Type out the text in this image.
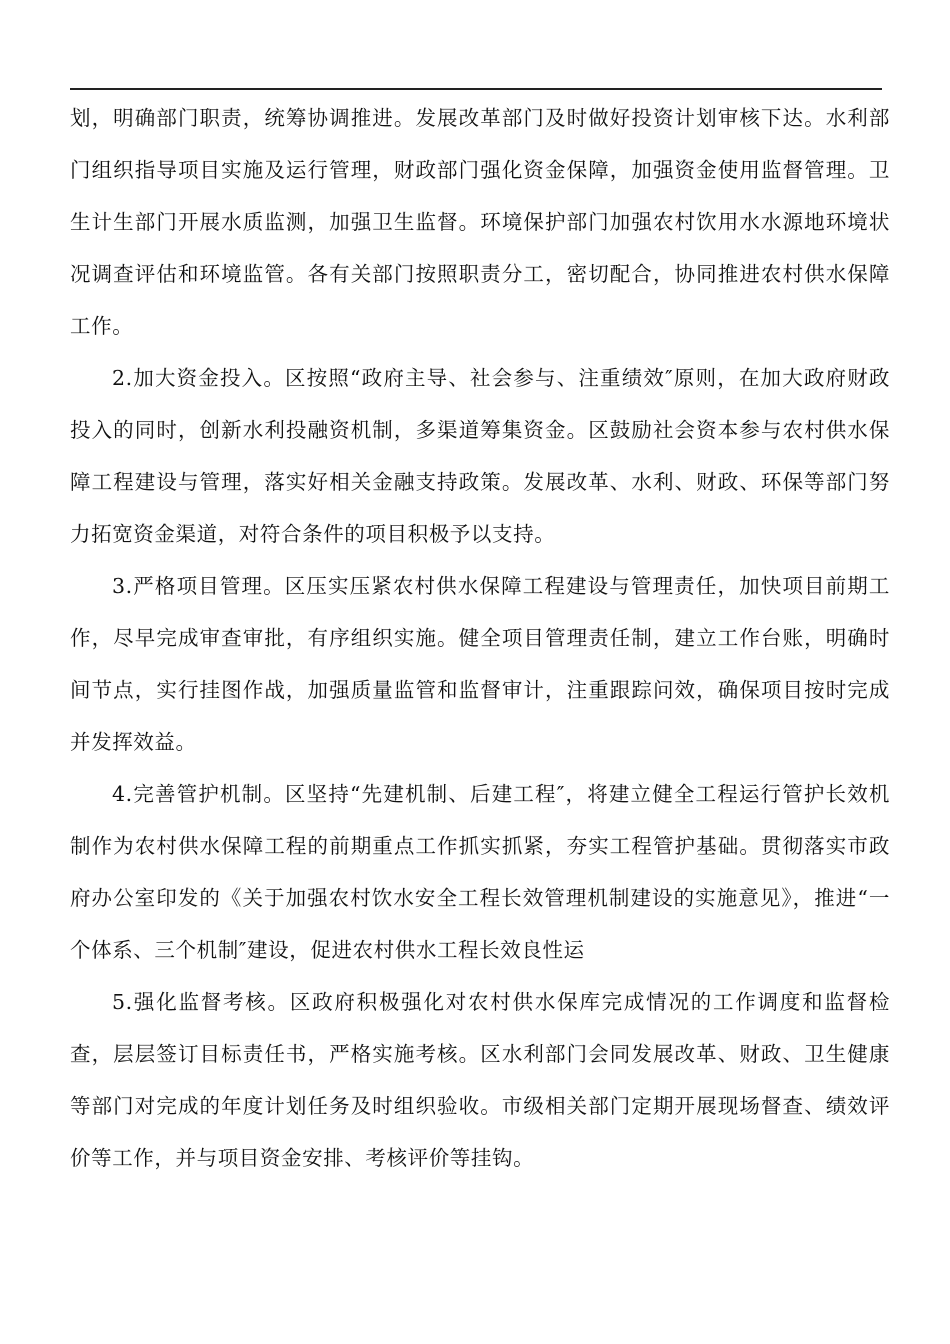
划，明确部门职责，统筹协调推进。发展改革部门及时做好投资计划审核下达。水利部门组织指导项目实施及运行管理，财政部门强化资金保障，加强资金使用监督管理。卫生计生部门开展水质监测，加强卫生监督。环境保护部门加强农村饮用水水源地环境状况调查评估和环境监管。各有关部门按照职责分工，密切配合，协同推进农村供水保障工作。

2.加大资金投入。区按照“政府主导、社会参与、注重绩效″原则，在加大政府财政投入的同时，创新水利投融资机制，多渠道筹集资金。区鼓励社会资本参与农村供水保障工程建设与管理，落实好相关金融支持政策。发展改革、水利、财政、环保等部门努力拓宽资金渠道，对符合条件的项目积极予以支持。

3.严格项目管理。区压实压紧农村供水保障工程建设与管理责任，加快项目前期工作，尽早完成审查审批，有序组织实施。健全项目管理责任制，建立工作台账，明确时间节点，实行挂图作战，加强质量监管和监督审计，注重跟踪问效，确保项目按时完成并发挥效益。

4.完善管护机制。区坚持“先建机制、后建工程″，将建立健全工程运行管护长效机制作为农村供水保障工程的前期重点工作抓实抓紧，夯实工程管护基础。贯彻落实市政府办公室印发的《关于加强农村饮水安全工程长效管理机制建设的实施意见》，推进“一个体系、三个机制″建设，促进农村供水工程长效良性运

5.强化监督考核。区政府积极强化对农村供水保库完成情况的工作调度和监督检查，层层签订目标责任书，严格实施考核。区水利部门会同发展改革、财政、卫生健康等部门对完成的年度计划任务及时组织验收。市级相关部门定期开展现场督查、绩效评价等工作，并与项目资金安排、考核评价等挂钩。
